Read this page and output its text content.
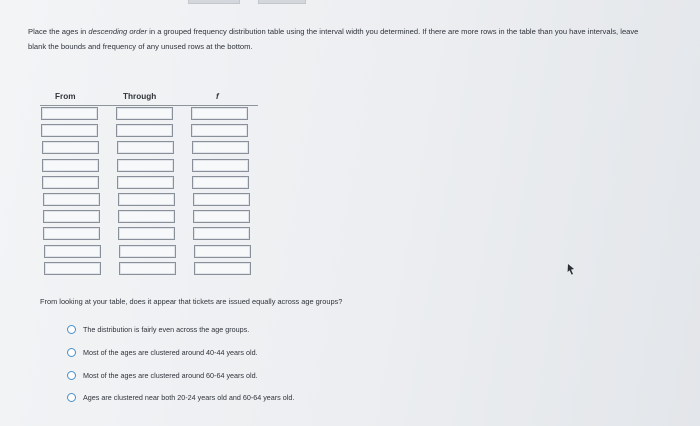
Place the ages in descending order in a grouped frequency distribution table using the interval width you determined. If there are more rows in the table than you have intervals, leave blank the bounds and frequency of any unused rows at the bottom.
From	Through	f
From looking at your table, does it appear that tickets are issued equally across age groups?
The distribution is fairly even across the age groups.
Most of the ages are clustered around 40-44 years old.
Most of the ages are clustered around 60-64 years old.
Ages are clustered near both 20-24 years old and 60-64 years old.
